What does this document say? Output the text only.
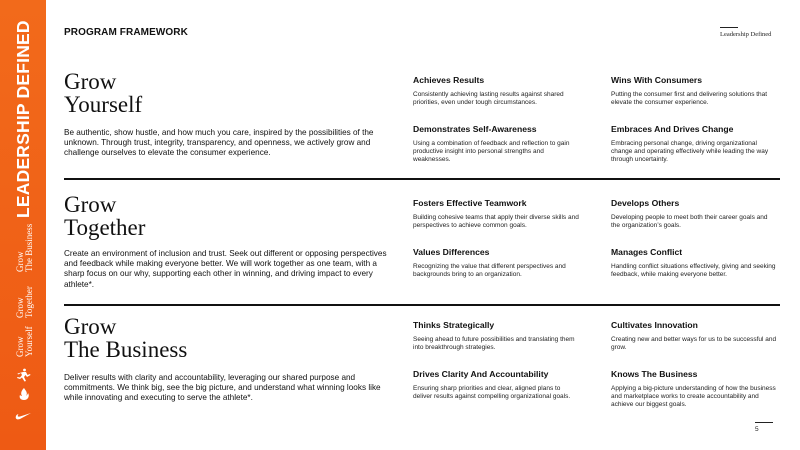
LEADERSHIP DEFINED
Grow The Business
Grow Together
Grow Yourself
PROGRAM FRAMEWORK	Leadership Defined
Grow
Yourself
Be authentic, show hustle, and how much you care, inspired by the possibilities of the unknown. Through trust, integrity, transparency, and openness, we actively grow and challenge ourselves to elevate the consumer experience.
Achieves Results
Consistently achieving lasting results against shared priorities, even under tough circumstances.
Wins With Consumers
Putting the consumer first and delivering solutions that elevate the consumer experience.
Demonstrates Self-Awareness
Using a combination of feedback and reflection to gain productive insight into personal strengths and weaknesses.
Embraces And Drives Change
Embracing personal change, driving organizational change and operating effectively while leading the way through uncertainty.
Grow
Together
Create an environment of inclusion and trust. Seek out different or opposing perspectives and feedback while making everyone better. We will work together as one team, with a sharp focus on our why, supporting each other in winning, and driving impact to every athlete*.
Fosters Effective Teamwork
Building cohesive teams that apply their diverse skills and perspectives to achieve common goals.
Develops Others
Developing people to meet both their career goals and the organization’s goals.
Values Differences
Recognizing the value that different perspectives and backgrounds bring to an organization.
Manages Conflict
Handling conflict situations effectively, giving and seeking feedback, while making everyone better.
Grow
The Business
Deliver results with clarity and accountability, leveraging our shared purpose and commitments. We think big, see the big picture, and understand what winning looks like while innovating and executing to serve the athlete*.
Thinks Strategically
Seeing ahead to future possibilities and translating them into breakthrough strategies.
Cultivates Innovation
Creating new and better ways for us to be successful and grow.
Drives Clarity And Accountability
Ensuring sharp priorities and clear, aligned plans to deliver results against compelling organizational goals.
Knows The Business
Applying a big-picture understanding of how the business and marketplace works to create accountability and achieve our biggest goals.
5
